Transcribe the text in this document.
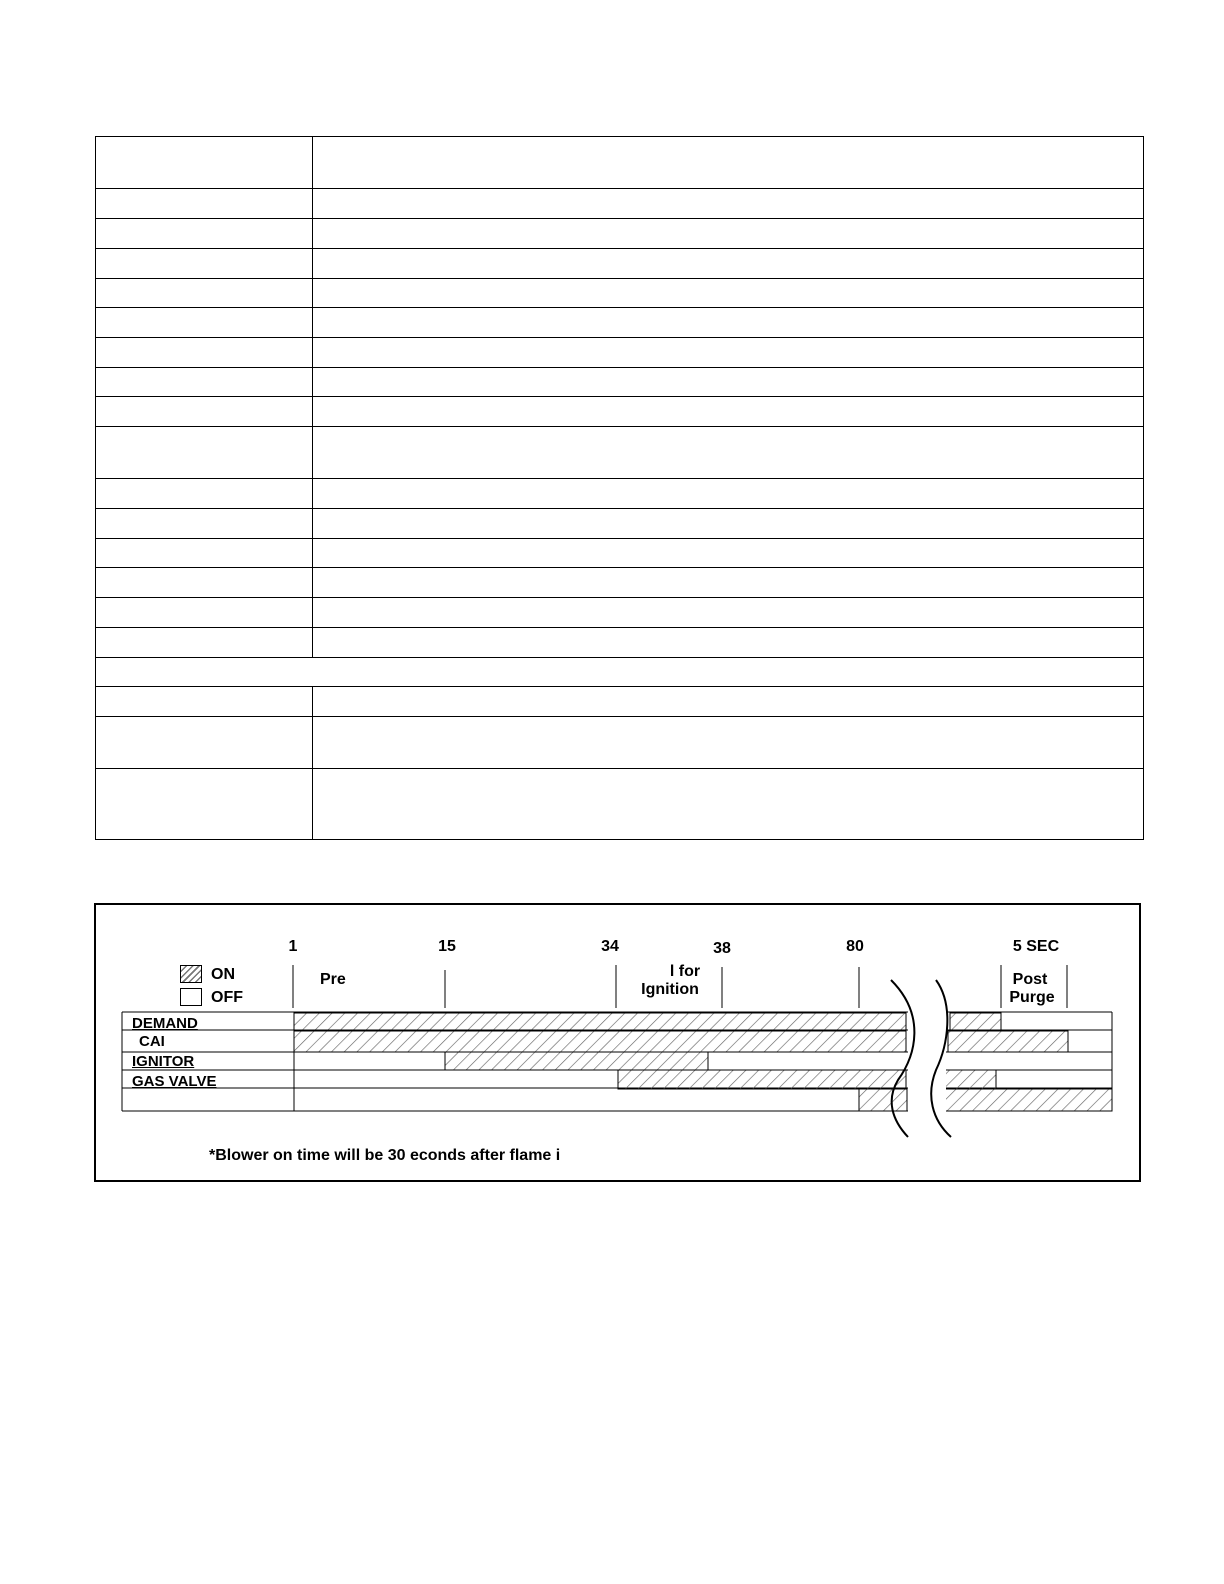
1	15	34	38	80	5 SEC
Pre	l for
Ignition
Post
Purge
ON
OFF
DEMAND
CAI
IGNITOR
GAS VALVE
*Blower on time will be 30 econds after flame i
